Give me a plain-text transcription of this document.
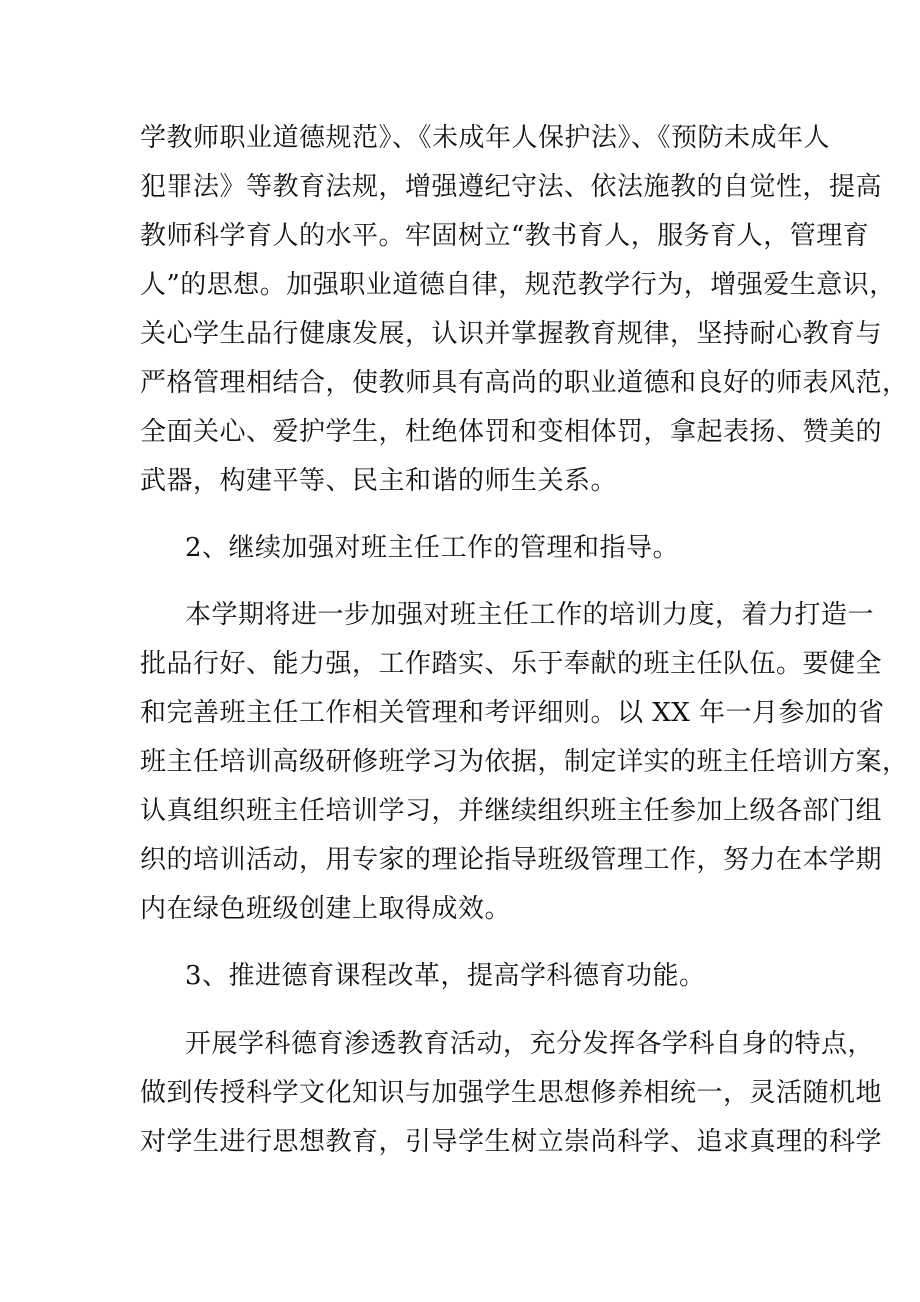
学教师职业道德规范》、《未成年人保护法》、《预防未成年人
犯罪法》等教育法规，增强遵纪守法、依法施教的自觉性，提高
教师科学育人的水平。牢固树立“教书育人，服务育人，管理育
人”的思想。加强职业道德自律，规范教学行为，增强爱生意识，
关心学生品行健康发展，认识并掌握教育规律，坚持耐心教育与
严格管理相结合，使教师具有高尚的职业道德和良好的师表风范，
全面关心、爱护学生，杜绝体罚和变相体罚，拿起表扬、赞美的
武器，构建平等、民主和谐的师生关系。
2、继续加强对班主任工作的管理和指导。
本学期将进一步加强对班主任工作的培训力度，着力打造一
批品行好、能力强，工作踏实、乐于奉献的班主任队伍。要健全
和完善班主任工作相关管理和考评细则。以 XX 年一月参加的省
班主任培训高级研修班学习为依据，制定详实的班主任培训方案，
认真组织班主任培训学习，并继续组织班主任参加上级各部门组
织的培训活动，用专家的理论指导班级管理工作，努力在本学期
内在绿色班级创建上取得成效。
3、推进德育课程改革，提高学科德育功能。
开展学科德育渗透教育活动，充分发挥各学科自身的特点，
做到传授科学文化知识与加强学生思想修养相统一，灵活随机地
对学生进行思想教育，引导学生树立崇尚科学、追求真理的科学
